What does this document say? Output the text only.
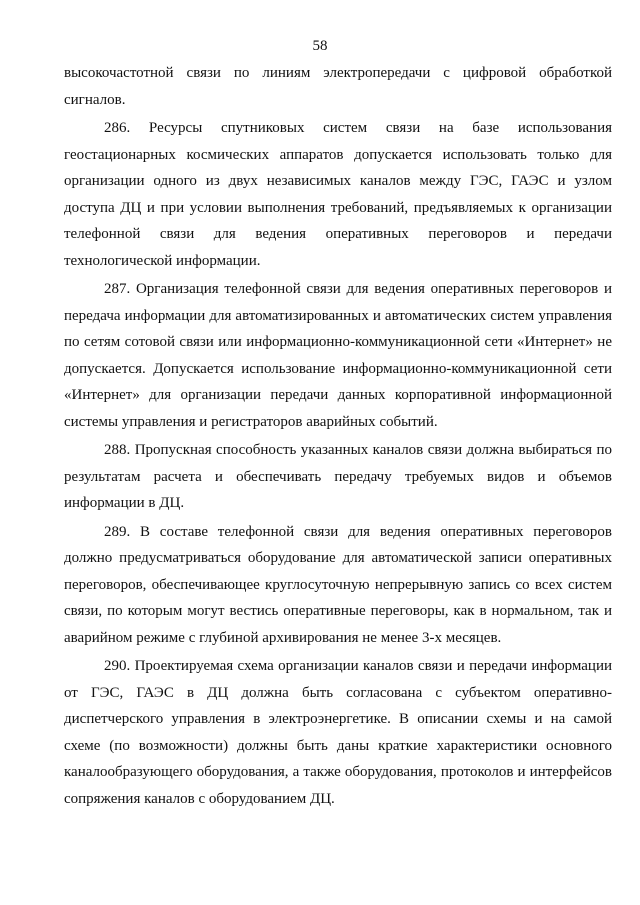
58

высокочастотной связи по линиям электропередачи с цифровой обработкой сигналов.

286. Ресурсы спутниковых систем связи на базе использования геостационарных космических аппаратов допускается использовать только для организации одного из двух независимых каналов между ГЭС, ГАЭС и узлом доступа ДЦ и при условии выполнения требований, предъявляемых к организации телефонной связи для ведения оперативных переговоров и передачи технологической информации.

287. Организация телефонной связи для ведения оперативных переговоров и передача информации для автоматизированных и автоматических систем управления по сетям сотовой связи или информационно-коммуникационной сети «Интернет» не допускается. Допускается использование информационно-коммуникационной сети «Интернет» для организации передачи данных корпоративной информационной системы управления и регистраторов аварийных событий.

288. Пропускная способность указанных каналов связи должна выбираться по результатам расчета и обеспечивать передачу требуемых видов и объемов информации в ДЦ.

289. В составе телефонной связи для ведения оперативных переговоров должно предусматриваться оборудование для автоматической записи оперативных переговоров, обеспечивающее круглосуточную непрерывную запись со всех систем связи, по которым могут вестись оперативные переговоры, как в нормальном, так и аварийном режиме с глубиной архивирования не менее 3-х месяцев.

290. Проектируемая схема организации каналов связи и передачи информации от ГЭС, ГАЭС в ДЦ должна быть согласована с субъектом оперативно-диспетчерского управления в электроэнергетике. В описании схемы и на самой схеме (по возможности) должны быть даны краткие характеристики основного каналообразующего оборудования, а также оборудования, протоколов и интерфейсов сопряжения каналов с оборудованием ДЦ.
